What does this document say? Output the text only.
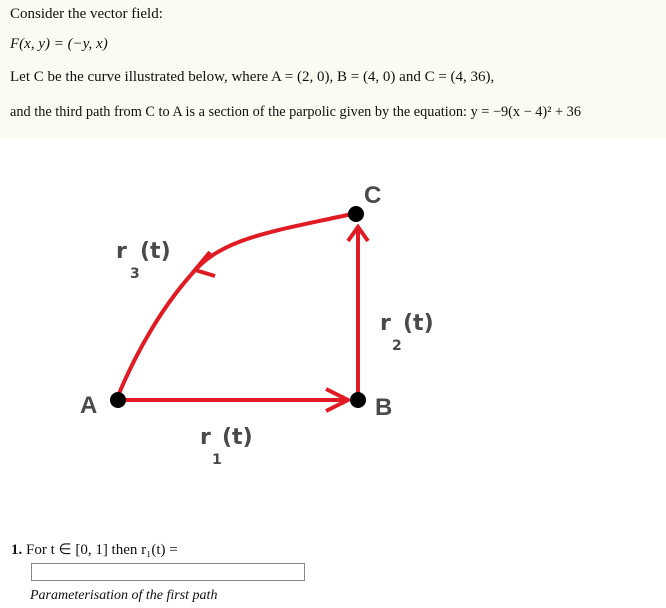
Consider the vector field:
F(x, y) = (−y, x)
Let C be the curve illustrated below, where A = (2, 0), B = (4, 0) and C = (4, 36),
and the third path from C to A is a section of the parpolic given by the equation: y = −9(x − 4)² + 36
A	B
C
r
3
(t)
r
2
(t)
r
1
(t)
1. For t ∈ [0, 1] then r₁(t) =
Parameterisation of the first path
